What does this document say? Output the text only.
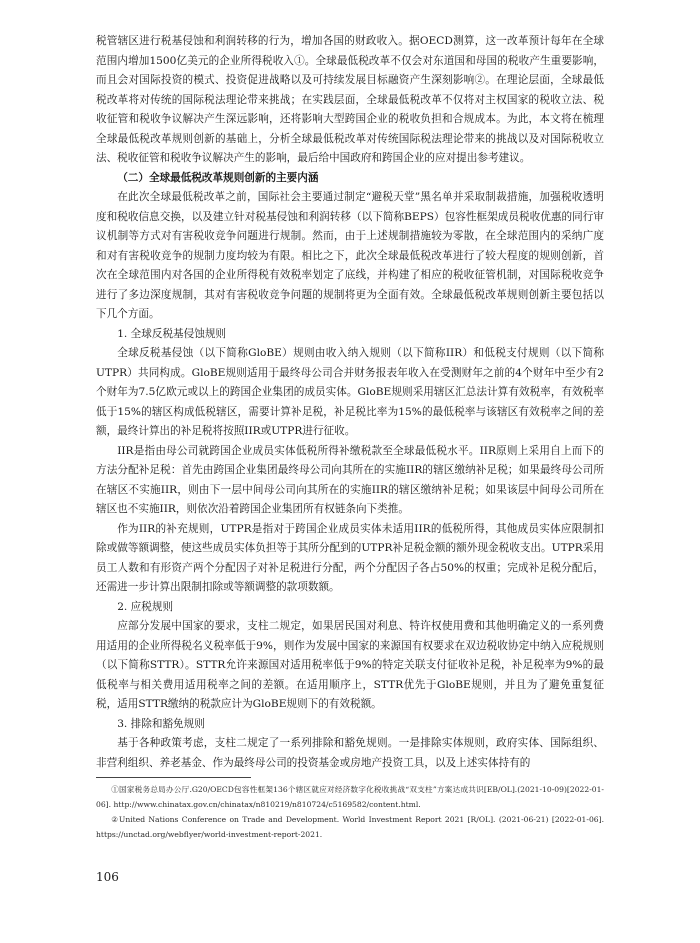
税管辖区进行税基侵蚀和利润转移的行为，增加各国的财政收入。据OECD测算，这一改革预计每年在全球范围内增加1500亿美元的企业所得税收入①。全球最低税改革不仅会对东道国和母国的税收产生重要影响，而且会对国际投资的模式、投资促进战略以及可持续发展目标融资产生深刻影响②。在理论层面，全球最低税改革将对传统的国际税法理论带来挑战；在实践层面，全球最低税改革不仅将对主权国家的税收立法、税收征管和税收争议解决产生深远影响，还将影响大型跨国企业的税收负担和合规成本。为此，本文将在梳理全球最低税改革规则创新的基础上，分析全球最低税改革对传统国际税法理论带来的挑战以及对国际税收立法、税收征管和税收争议解决产生的影响，最后给中国政府和跨国企业的应对提出参考建议。

（二）全球最低税改革规则创新的主要内涵

在此次全球最低税改革之前，国际社会主要通过制定“避税天堂”黑名单并采取制裁措施，加强税收透明度和税收信息交换，以及建立针对税基侵蚀和利润转移（以下简称BEPS）包容性框架成员税收优惠的同行审议机制等方式对有害税收竞争问题进行规制。然而，由于上述规制措施较为零散，在全球范围内的采纳广度和对有害税收竞争的规制力度均较为有限。相比之下，此次全球最低税改革进行了较大程度的规则创新，首次在全球范围内对各国的企业所得税有效税率划定了底线，并构建了相应的税收征管机制，对国际税收竞争进行了多边深度规制，其对有害税收竞争问题的规制将更为全面有效。全球最低税改革规则创新主要包括以下几个方面。

1. 全球反税基侵蚀规则

全球反税基侵蚀（以下简称GloBE）规则由收入纳入规则（以下简称IIR）和低税支付规则（以下简称UTPR）共同构成。GloBE规则适用于最终母公司合并财务报表年收入在受测财年之前的4个财年中至少有2个财年为7.5亿欧元或以上的跨国企业集团的成员实体。GloBE规则采用辖区汇总法计算有效税率，有效税率低于15%的辖区构成低税辖区，需要计算补足税，补足税比率为15%的最低税率与该辖区有效税率之间的差额，最终计算出的补足税将按照IIR或UTPR进行征收。

IIR是指由母公司就跨国企业成员实体低税所得补缴税款至全球最低税水平。IIR原则上采用自上而下的方法分配补足税：首先由跨国企业集团最终母公司向其所在的实施IIR的辖区缴纳补足税；如果最终母公司所在辖区不实施IIR，则由下一层中间母公司向其所在的实施IIR的辖区缴纳补足税；如果该层中间母公司所在辖区也不实施IIR，则依次沿着跨国企业集团所有权链条向下类推。

作为IIR的补充规则，UTPR是指对于跨国企业成员实体未适用IIR的低税所得，其他成员实体应限制扣除或做等额调整，使这些成员实体负担等于其所分配到的UTPR补足税金额的额外现金税收支出。UTPR采用员工人数和有形资产两个分配因子对补足税进行分配，两个分配因子各占50%的权重；完成补足税分配后，还需进一步计算出限制扣除或等额调整的款项数额。

2. 应税规则

应部分发展中国家的要求，支柱二规定，如果居民国对利息、特许权使用费和其他明确定义的一系列费用适用的企业所得税名义税率低于9%，则作为发展中国家的来源国有权要求在双边税收协定中纳入应税规则（以下简称STTR）。STTR允许来源国对适用税率低于9%的特定关联支付征收补足税，补足税率为9%的最低税率与相关费用适用税率之间的差额。在适用顺序上，STTR优先于GloBE规则，并且为了避免重复征税，适用STTR缴纳的税款应计为GloBE规则下的有效税额。

3. 排除和豁免规则

基于各种政策考虑，支柱二规定了一系列排除和豁免规则。一是排除实体规则，政府实体、国际组织、非营利组织、养老基金、作为最终母公司的投资基金或房地产投资工具，以及上述实体持有的

①国家税务总局办公厅.G20/OECD包容性框架136个辖区就应对经济数字化税收挑战“双支柱”方案达成共识[EB/OL].(2021-10-09)[2022-01-06]. http://www.chinatax.gov.cn/chinatax/n810219/n810724/c5169582/content.html.

②United Nations Conference on Trade and Development. World Investment Report 2021 [R/OL]. (2021-06-21) [2022-01-06]. https://unctad.org/webflyer/world-investment-report-2021.

106
